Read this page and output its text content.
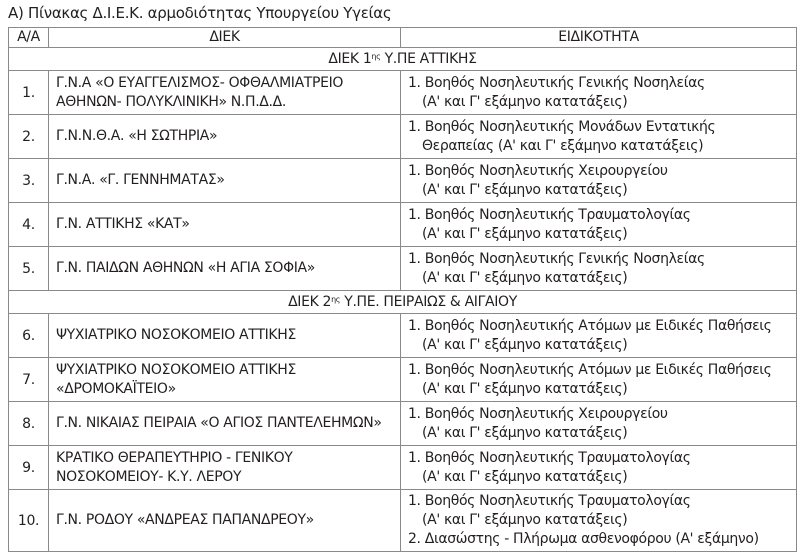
Α) Πίνακας Δ.Ι.Ε.Κ. αρμοδιότητας Υπουργείου Υγείας
Α/Α	ΔΙΕΚ	ΕΙΔΙΚΟΤΗΤΑ
ΔΙΕΚ $1^{\eta\varsigma}$ Υ.ΠΕ ΑΤΤΙΚΗΣ		
1.	Γ.Ν.Α «Ο ΕΥΑΓΓΕΛΙΣΜΟΣ- ΟΦΘΑΛΜΙΑΤΡΕΙΟ
ΑΘΗΝΩΝ- ΠΟΛΥΚΛΙΝΙΚΗ» Ν.Π.Δ.Δ.	1. Βοηθός Νοσηλευτικής Γενικής Νοσηλείας
(Α' και Γ' εξάμηνο κατατάξεις)

2.	Γ.Ν.Ν.Θ.Α. «Η ΣΩΤΗΡΙΑ»	1. Βοηθός Νοσηλευτικής Μονάδων Εντατικής
Θεραπείας (Α' και Γ' εξάμηνο κατατάξεις)

3.	Γ.Ν.Α. «Γ. ΓΕΝΝΗΜΑΤΑΣ»	1. Βοηθός Νοσηλευτικής Χειρουργείου
(Α' και Γ' εξάμηνο κατατάξεις)

4.	Γ.Ν. ΑΤΤΙΚΗΣ «ΚΑΤ»	1. Βοηθός Νοσηλευτικής Τραυματολογίας
(Α' και Γ' εξάμηνο κατατάξεις)

5.	Γ.Ν. ΠΑΙΔΩΝ ΑΘΗΝΩΝ «Η ΑΓΙΑ ΣΟΦΙΑ»	1. Βοηθός Νοσηλευτικής Γενικής Νοσηλείας
(Α' και Γ' εξάμηνο κατατάξεις)

ΔΙΕΚ $2^{\eta\varsigma}$ Υ.ΠΕ. ΠΕΙΡΑΙΩΣ & ΑΙΓΑΙΟΥ		
6.	ΨΥΧΙΑΤΡΙΚΟ ΝΟΣΟΚΟΜΕΙΟ ΑΤΤΙΚΗΣ	1. Βοηθός Νοσηλευτικής Ατόμων με Ειδικές Παθήσεις
(Α' και Γ' εξάμηνο κατατάξεις)

7.	ΨΥΧΙΑΤΡΙΚΟ ΝΟΣΟΚΟΜΕΙΟ ΑΤΤΙΚΗΣ
«ΔΡΟΜΟΚΑΪΤΕΙΟ»	1. Βοηθός Νοσηλευτικής Ατόμων με Ειδικές Παθήσεις
(Α' και Γ' εξάμηνο κατατάξεις)

8.	Γ.Ν. ΝΙΚΑΙΑΣ ΠΕΙΡΑΙΑ «Ο ΑΓΙΟΣ ΠΑΝΤΕΛΕΗΜΩΝ»	1. Βοηθός Νοσηλευτικής Χειρουργείου
(Α' και Γ' εξάμηνο κατατάξεις)

9.	ΚΡΑΤΙΚΟ ΘΕΡΑΠΕΥΤΗΡΙΟ - ΓΕΝΙΚΟΥ
ΝΟΣΟΚΟΜΕΙΟΥ- Κ.Υ. ΛΕΡΟΥ	1. Βοηθός Νοσηλευτικής Τραυματολογίας
(Α' και Γ' εξάμηνο κατατάξεις)

10.	Γ.Ν. ΡΟΔΟΥ «ΑΝΔΡΕΑΣ ΠΑΠΑΝΔΡΕΟΥ»	1. Βοηθός Νοσηλευτικής Τραυματολογίας
(Α' και Γ' εξάμηνο κατατάξεις)
2. Διασώστης - Πλήρωμα ασθενοφόρου (Α' εξάμηνο)
